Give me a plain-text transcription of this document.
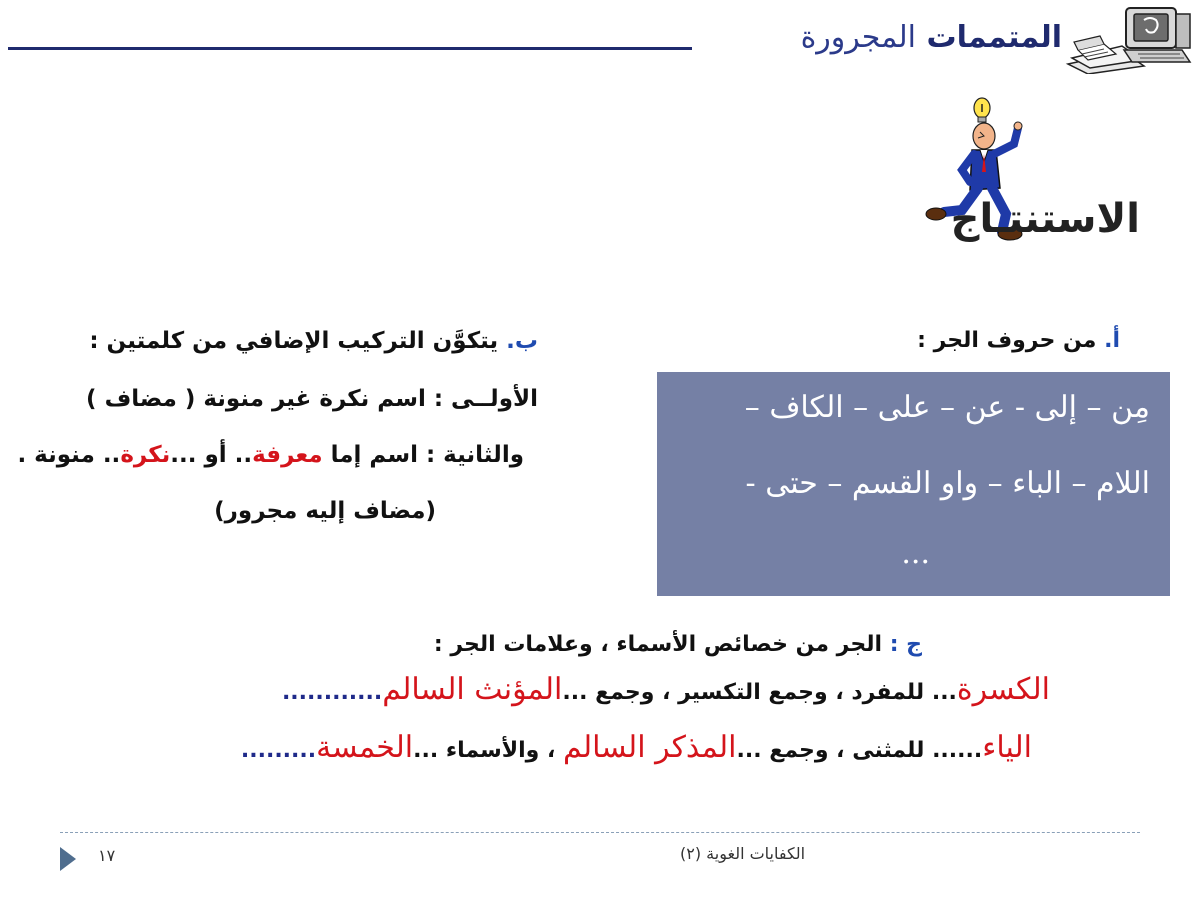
المتممات المجرورة
الاستنتـاج
أ. من حروف الجر :
مِن – إلى - عن – على – الكاف –
اللام – الباء – واو القسم – حتى -
...
ب. يتكوَّن التركيب الإضافي من كلمتين :
الأولــى : اسم نكرة غير منونة ( مضاف )
والثانية : اسم إما معرفة.. أو ...نكرة.. منونة .
(مضاف إليه مجرور)
ج : الجر من خصائص الأسماء ، وعلامات الجر :
الكسرة... للمفرد ، وجمع التكسير ، وجمع ...المؤنث السالم............
الياء...... للمثنى ، وجمع ...المذكر السالم ، والأسماء ...الخمسة.........
١٧	الكفايات الغوية (٢)
